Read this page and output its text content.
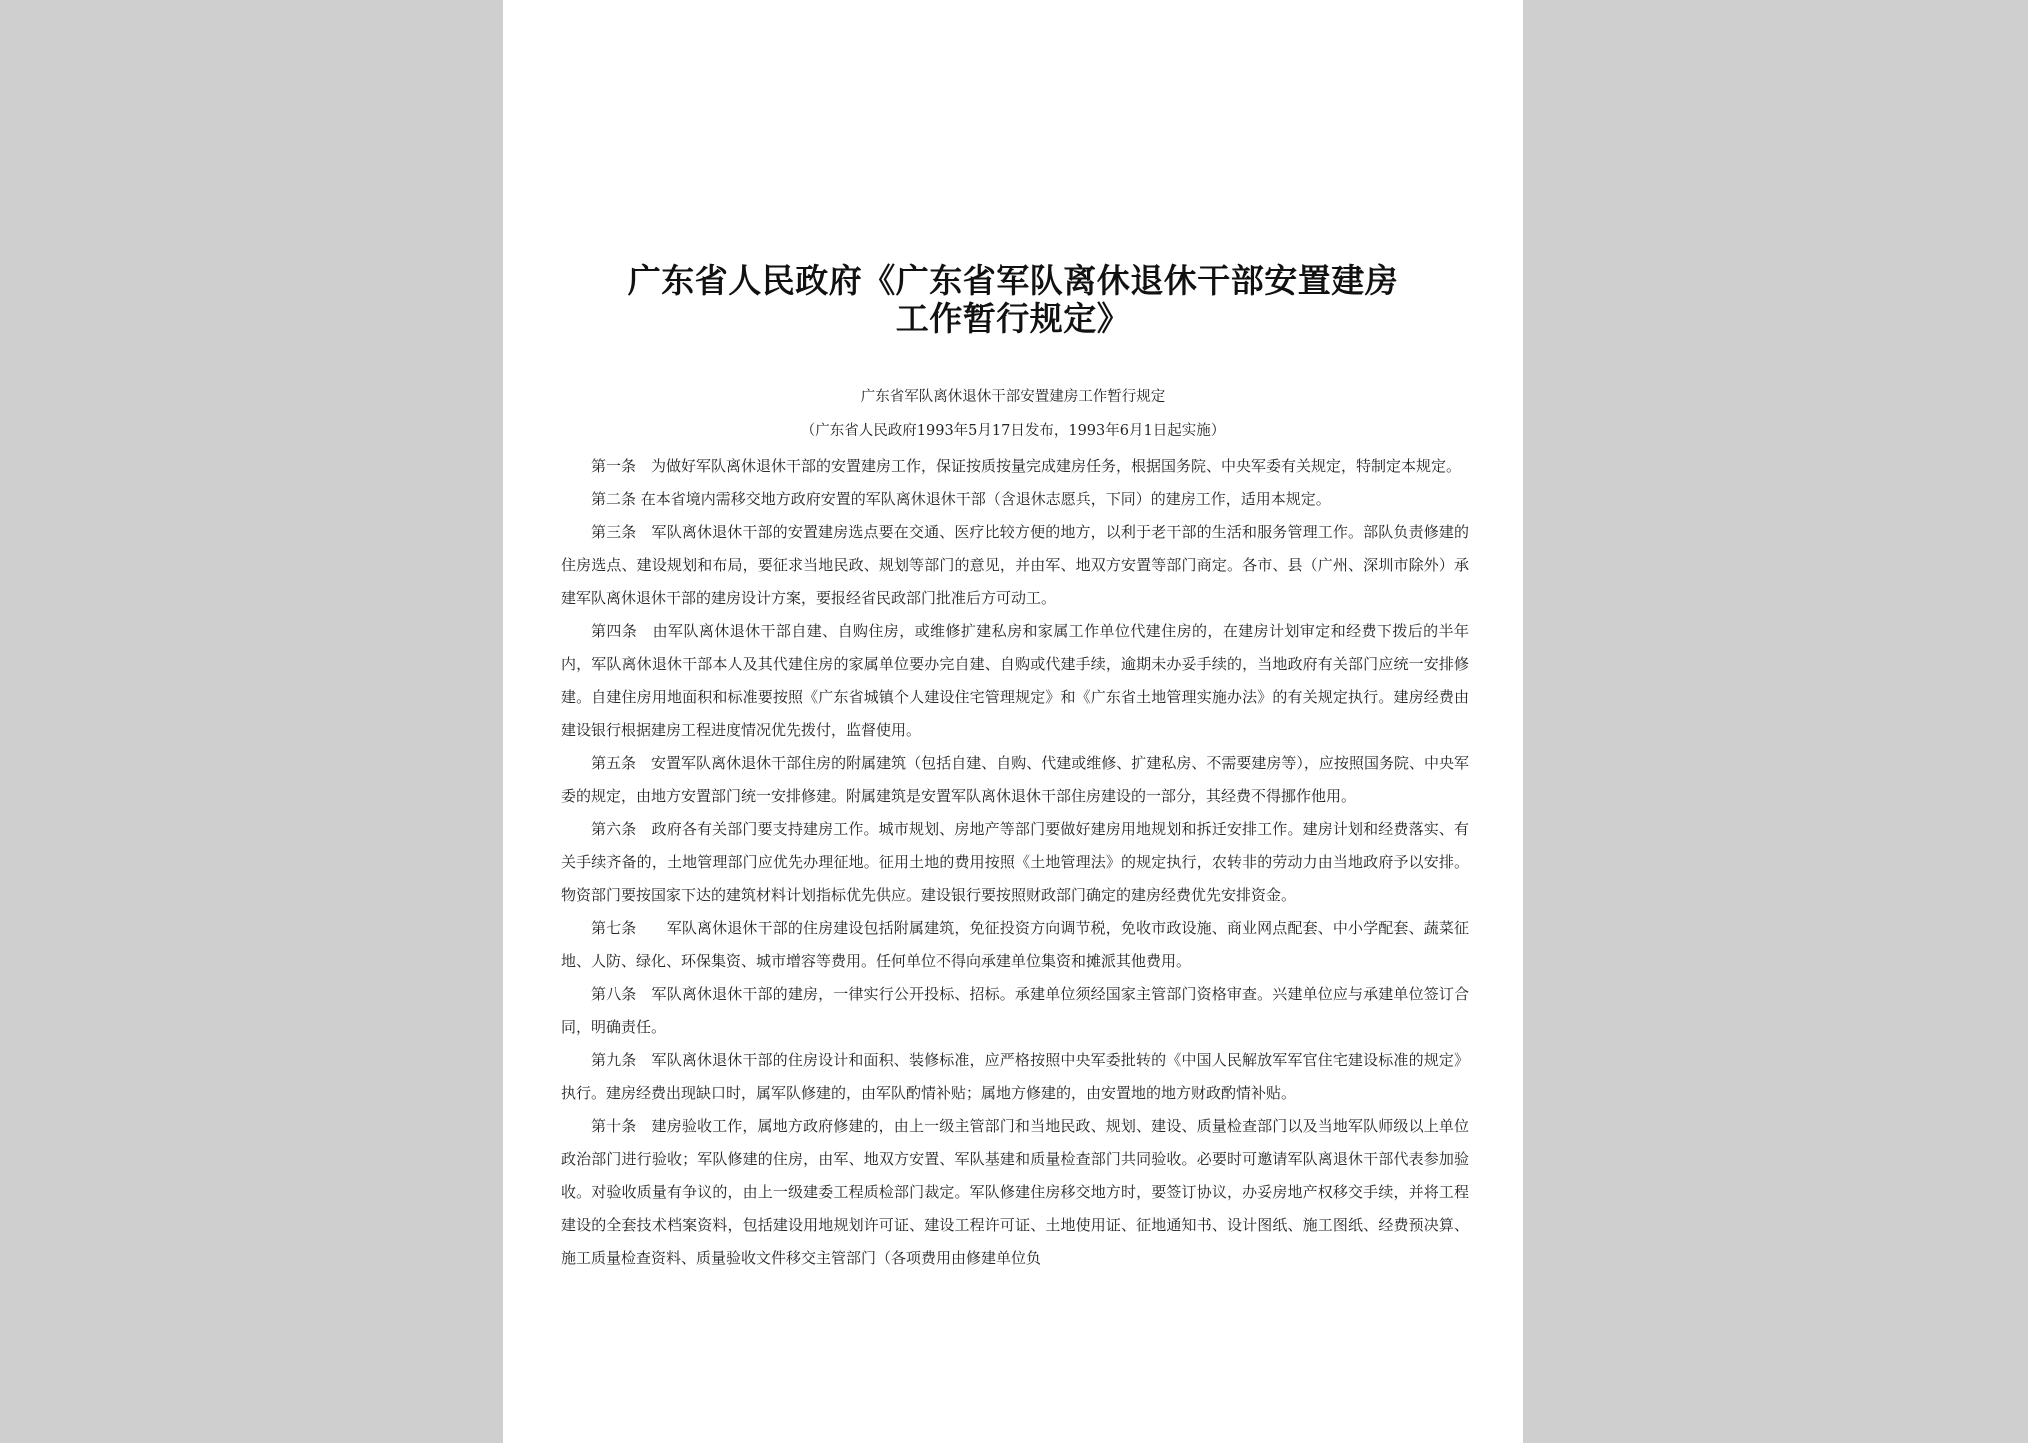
广东省人民政府《广东省军队离休退休干部安置建房
工作暂行规定》
广东省军队离休退休干部安置建房工作暂行规定
（广东省人民政府1993年5月17日发布，1993年6月1日起实施）

第一条　为做好军队离休退休干部的安置建房工作，保证按质按量完成建房任务，根据国务院、中央军委有关规定，特制定本规定。

第二条 在本省境内需移交地方政府安置的军队离休退休干部（含退休志愿兵，下同）的建房工作，适用本规定。

第三条　军队离休退休干部的安置建房选点要在交通、医疗比较方便的地方，以利于老干部的生活和服务管理工作。部队负责修建的住房选点、建设规划和布局，要征求当地民政、规划等部门的意见，并由军、地双方安置等部门商定。各市、县（广州、深圳市除外）承建军队离休退休干部的建房设计方案，要报经省民政部门批准后方可动工。

第四条　由军队离休退休干部自建、自购住房，或维修扩建私房和家属工作单位代建住房的，在建房计划审定和经费下拨后的半年内，军队离休退休干部本人及其代建住房的家属单位要办完自建、自购或代建手续，逾期未办妥手续的，当地政府有关部门应统一安排修建。自建住房用地面积和标准要按照《广东省城镇个人建设住宅管理规定》和《广东省土地管理实施办法》的有关规定执行。建房经费由建设银行根据建房工程进度情况优先拨付，监督使用。

第五条　安置军队离休退休干部住房的附属建筑（包括自建、自购、代建或维修、扩建私房、不需要建房等），应按照国务院、中央军委的规定，由地方安置部门统一安排修建。附属建筑是安置军队离休退休干部住房建设的一部分，其经费不得挪作他用。

第六条　政府各有关部门要支持建房工作。城市规划、房地产等部门要做好建房用地规划和拆迁安排工作。建房计划和经费落实、有关手续齐备的，土地管理部门应优先办理征地。征用土地的费用按照《土地管理法》的规定执行，农转非的劳动力由当地政府予以安排。物资部门要按国家下达的建筑材料计划指标优先供应。建设银行要按照财政部门确定的建房经费优先安排资金。

第七条　　军队离休退休干部的住房建设包括附属建筑，免征投资方向调节税，免收市政设施、商业网点配套、中小学配套、蔬菜征地、人防、绿化、环保集资、城市增容等费用。任何单位不得向承建单位集资和摊派其他费用。

第八条　军队离休退休干部的建房，一律实行公开投标、招标。承建单位须经国家主管部门资格审查。兴建单位应与承建单位签订合同，明确责任。

第九条　军队离休退休干部的住房设计和面积、装修标准，应严格按照中央军委批转的《中国人民解放军军官住宅建设标准的规定》执行。建房经费出现缺口时，属军队修建的，由军队酌情补贴；属地方修建的，由安置地的地方财政酌情补贴。

第十条　建房验收工作，属地方政府修建的，由上一级主管部门和当地民政、规划、建设、质量检查部门以及当地军队师级以上单位政治部门进行验收；军队修建的住房，由军、地双方安置、军队基建和质量检查部门共同验收。必要时可邀请军队离退休干部代表参加验收。对验收质量有争议的，由上一级建委工程质检部门裁定。军队修建住房移交地方时，要签订协议，办妥房地产权移交手续，并将工程建设的全套技术档案资料，包括建设用地规划许可证、建设工程许可证、土地使用证、征地通知书、设计图纸、施工图纸、经费预决算、施工质量检查资料、质量验收文件移交主管部门（各项费用由修建单位负
